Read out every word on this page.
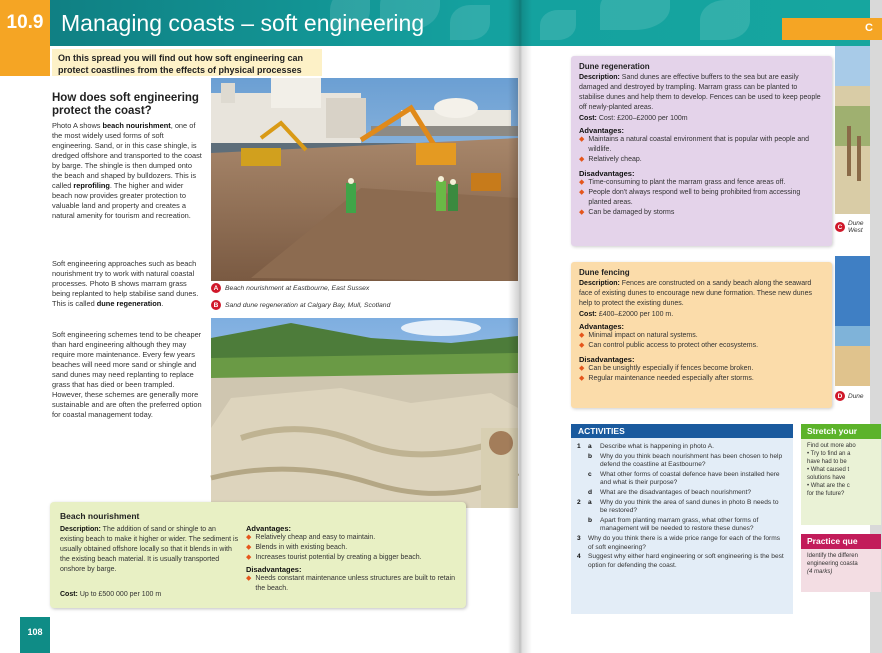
10.9 Managing coasts – soft engineering	C
On this spread you will find out how soft engineering can protect coastlines from the effects of physical processes
How does soft engineering protect the coast?
Photo A shows beach nourishment, one of the most widely used forms of soft engineering. Sand, or in this case shingle, is dredged offshore and transported to the coast by barge. The shingle is then dumped onto the beach and shaped by bulldozers. This is called reprofiling. The higher and wider beach now provides greater protection to valuable land and property and creates a natural amenity for tourism and recreation.
Soft engineering approaches such as beach nourishment try to work with natural coastal processes. Photo B shows marram grass being replanted to help stabilise sand dunes. This is called dune regeneration.
Soft engineering schemes tend to be cheaper than hard engineering although they may require more maintenance. Every few years beaches will need more sand or shingle and sand dunes may need replanting to replace grass that has died or been trampled. However, these schemes are generally more sustainable and are often the preferred option for coastal management today.
A Beach nourishment at Eastbourne, East Sussex
B Sand dune regeneration at Calgary Bay, Mull, Scotland
Beach nourishment
Description: The addition of sand or shingle to an existing beach to make it higher or wider. The sediment is usually obtained offshore locally so that it blends in with the existing beach material. It is usually transported onshore by barge.
Cost: Up to £500 000 per 100 m
Advantages:
◆ Relatively cheap and easy to maintain.
◆ Blends in with existing beach.
◆ Increases tourist potential by creating a bigger beach.
Disadvantages:
◆ Needs constant maintenance unless structures are built to retain the beach.
108
Dune regeneration
Description: Sand dunes are effective buffers to the sea but are easily damaged and destroyed by trampling. Marram grass can be planted to stabilise dunes and help them to develop. Fences can be used to keep people off newly-planted areas.
Cost: Cost: £200–£2000 per 100m
Advantages:
◆ Maintains a natural coastal environment that is popular with people and wildlife.
◆ Relatively cheap.
Disadvantages:
◆ Time-consuming to plant the marram grass and fence areas off.
◆ People don't always respond well to being prohibited from accessing planted areas.
◆ Can be damaged by storms
Dune fencing
Description: Fences are constructed on a sandy beach along the seaward face of existing dunes to encourage new dune formation. These new dunes help to protect the existing dunes.
Cost: £400–£2000 per 100 m.
Advantages:
◆ Minimal impact on natural systems.
◆ Can control public access to protect other ecosystems.
Disadvantages:
◆ Can be unsightly especially if fences become broken.
◆ Regular maintenance needed especially after storms.
C Dune
West
D Dune
ACTIVITIES
1	a	Describe what is happening in photo A.
b	Why do you think beach nourishment has been chosen to help defend the coastline at Eastbourne?
c	What other forms of coastal defence have been installed here and what is their purpose?
d	What are the disadvantages of beach nourishment?
2	a	Why do you think the area of sand dunes in photo B needs to be restored?
b	Apart from planting marram grass, what other forms of management will be needed to restore these dunes?
3	Why do you think there is a wide price range for each of the forms of soft engineering?
4	Suggest why either hard engineering or soft engineering is the best option for defending the coast.
Stretch your
Find out more abo
• Try to find an a
have had to be
• What caused t
solutions have
• What are the c
for the future?
Practice que
Identify the differen
engineering coasta
(4 marks)
